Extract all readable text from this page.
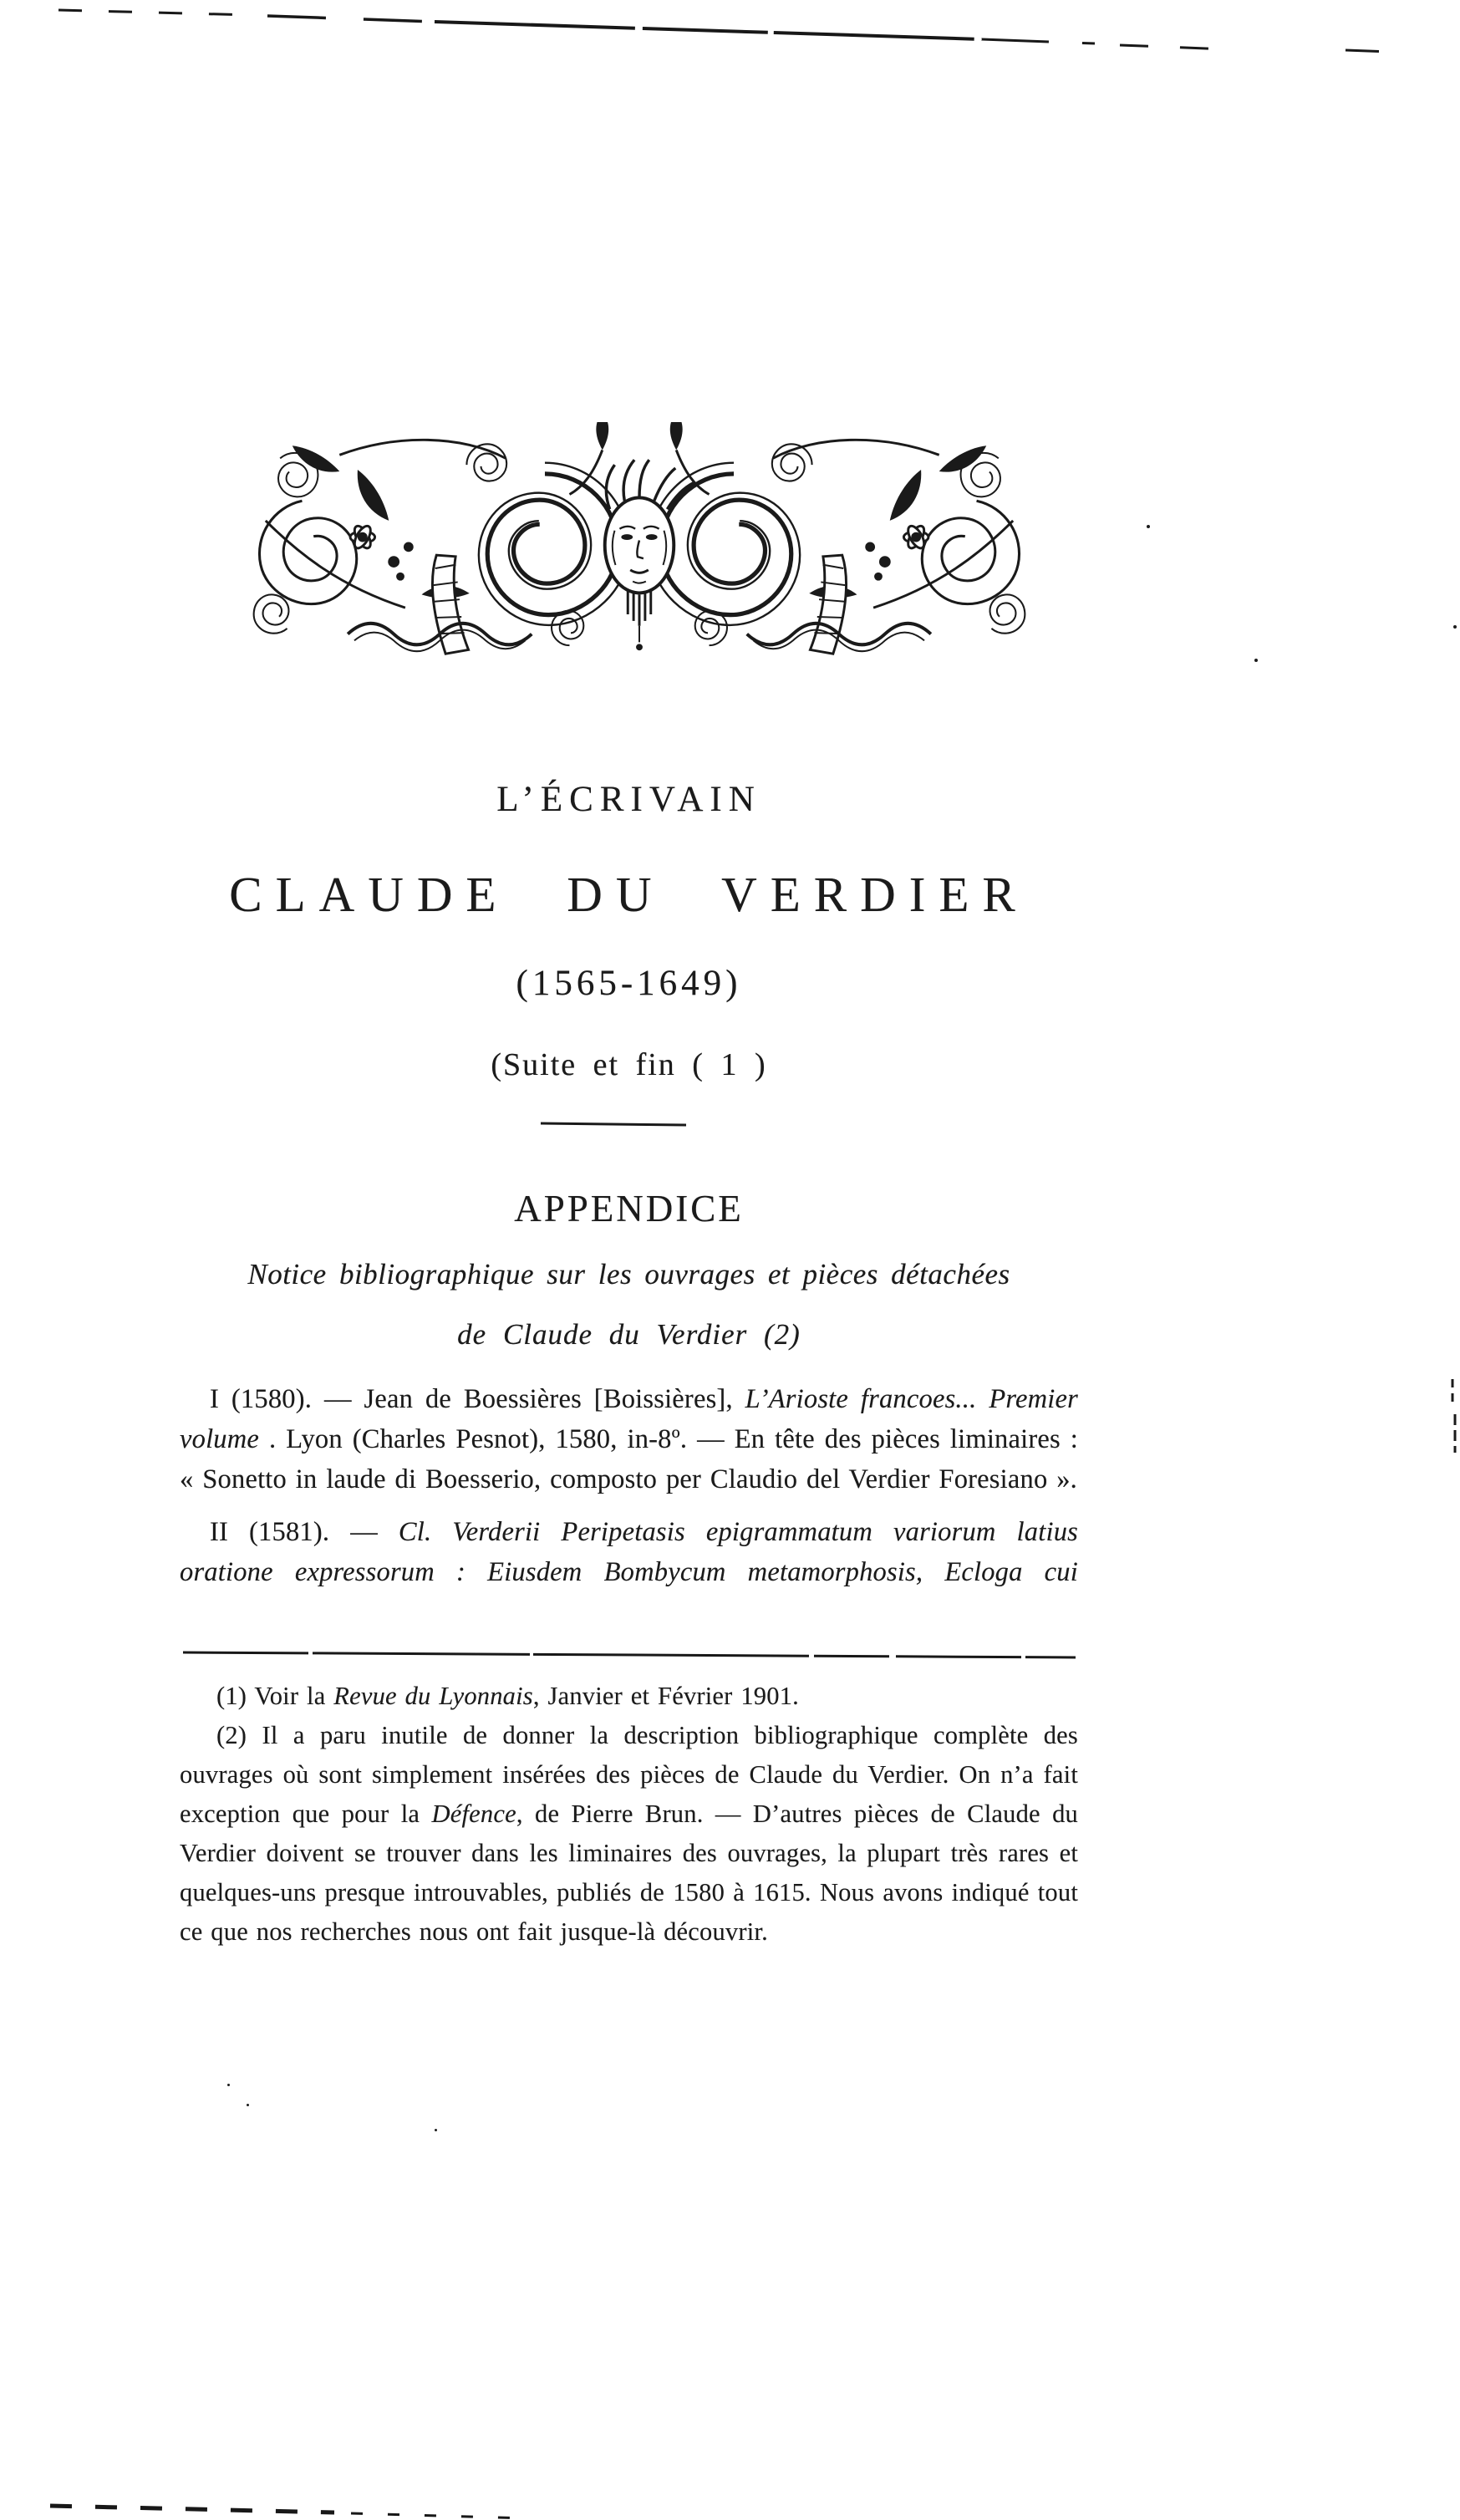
L’ÉCRIVAIN
CLAUDE DU VERDIER
(1565-1649)
(Suite et fin ( 1 )
APPENDICE
Notice bibliographique sur les ouvrages et pièces détachées
de Claude du Verdier (2)

I (1580). — Jean de Boessières [Boissières], L’Arioste francoes... Premier volume . Lyon (Charles Pesnot), 1580, in-8º. — En tête des pièces liminaires : « Sonetto in laude di Boesserio, composto per Claudio del Verdier Foresiano ».

II (1581). — Cl. Verderii Peripetasis epigrammatum variorum latius oratione expressorum : Eiusdem Bombycum metamorphosis, Ecloga cui

(1) Voir la Revue du Lyonnais, Janvier et Février 1901.

(2) Il a paru inutile de donner la description bibliographique complète des ouvrages où sont simplement insérées des pièces de Claude du Verdier. On n’a fait exception que pour la Défence, de Pierre Brun. — D’autres pièces de Claude du Verdier doivent se trouver dans les liminaires des ouvrages, la plupart très rares et quelques-uns presque introuvables, publiés de 1580 à 1615. Nous avons indiqué tout ce que nos recherches nous ont fait jusque-là découvrir.
